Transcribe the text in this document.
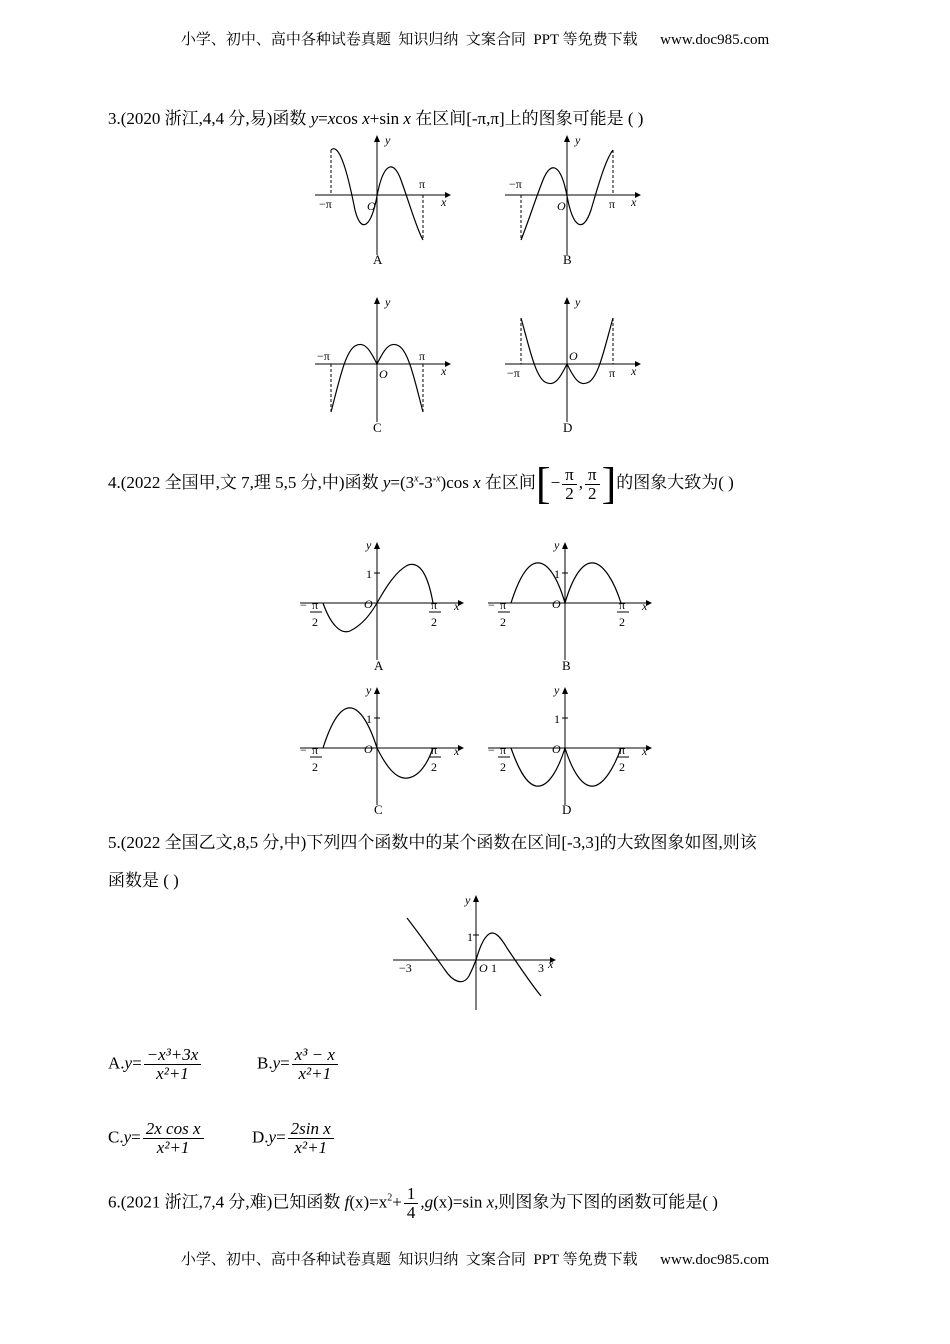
小学、初中、高中各种试卷真题  知识归纳  文案合同  PPT 等免费下载      www.doc985.com
小学、初中、高中各种试卷真题  知识归纳  文案合同  PPT 等免费下载      www.doc985.com
3.(2020 浙江,4,4 分,易)函数 y=xcos x+sin x 在区间[-π,π]上的图象可能是 ( )
y
x
O
−π
π
A
y
x
O
−π
π
B
y
x
O
−π	π
C
y
x
O
−π	π
D
4.(2022 全国甲,文 7,理 5,5 分,中)函数 $y=(3^x-3^{-x})\cos$ x 在区间[− $\frac{\pi}{2}$ , $\frac{\pi}{2}$ ]的图象大致为( )
y
1
O	x
− π
2
π
2
A
y
1
O	x
− π
2
π
2
B
y
1
O	x
− π
2
π
2
C
y
1
O	x
− π
2
π
2
D
5.(2022 全国乙文,8,5 分,中)下列四个函数中的某个函数在区间[-3,3]的大致图象如图,则该
函数是 ( )
y
1
O 1
−3	3 x
$A.y= \frac{\text{−x³+3x}}{\text{x²+1}}$	$B.y= \frac{\text{x³ − x}}{\text{x²+1}}$
$C.y= \frac{\text{2x cos x}}{\text{x²+1}}$	$D.y= \frac{\text{2sin x}}{\text{x²+1}}$
6.(2021 浙江,7,4 分,难)已知函数 $f(x)=x^2+ \frac{1}{4} ,g(x)=\sin$ x,则图象为下图的函数可能是( )
